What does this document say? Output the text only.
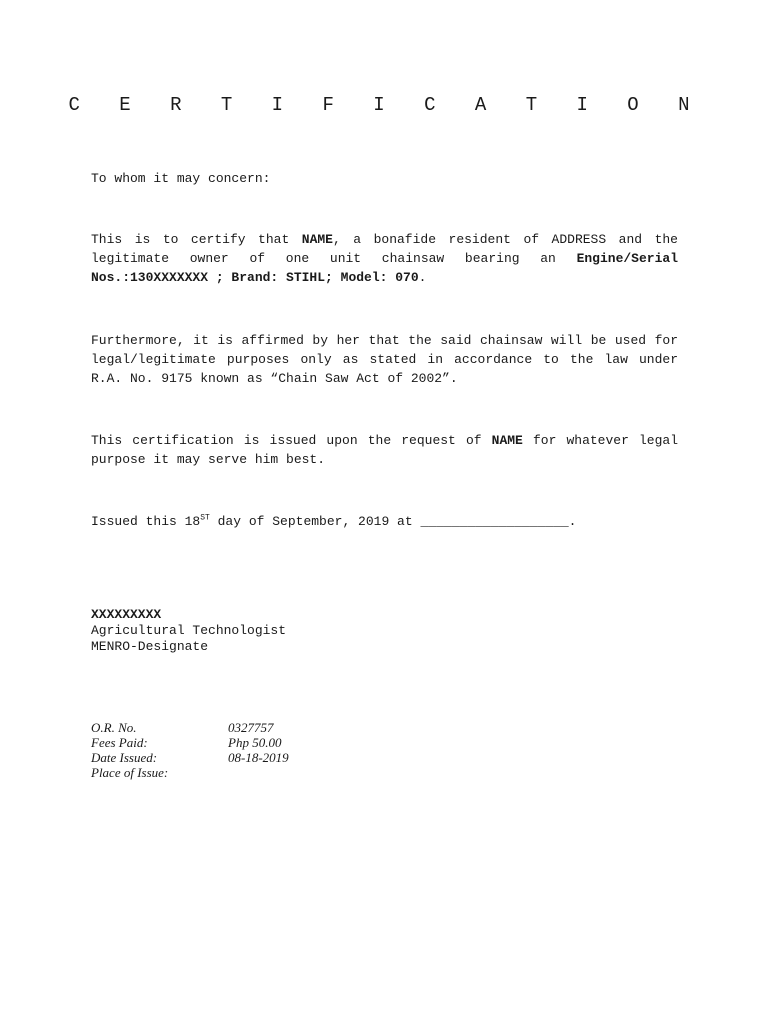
C E R T I F I C A T I O N
To whom it may concern:
This is to certify that NAME, a bonafide resident of ADDRESS and the legitimate owner of one unit chainsaw bearing an Engine/Serial Nos.:130XXXXXXX ; Brand: STIHL; Model: 070.
Furthermore, it is affirmed by her that the said chainsaw will be used for legal/legitimate purposes only as stated in accordance to the law under R.A. No. 9175 known as “Chain Saw Act of 2002”.
This certification is issued upon the request of NAME for whatever legal purpose it may serve him best.
Issued this 18ST day of September, 2019 at ___________________.
XXXXXXXXX
Agricultural Technologist
MENRO-Designate
O.R. No.	0327757
Fees Paid:	Php 50.00
Date Issued:	08-18-2019
Place of Issue:
